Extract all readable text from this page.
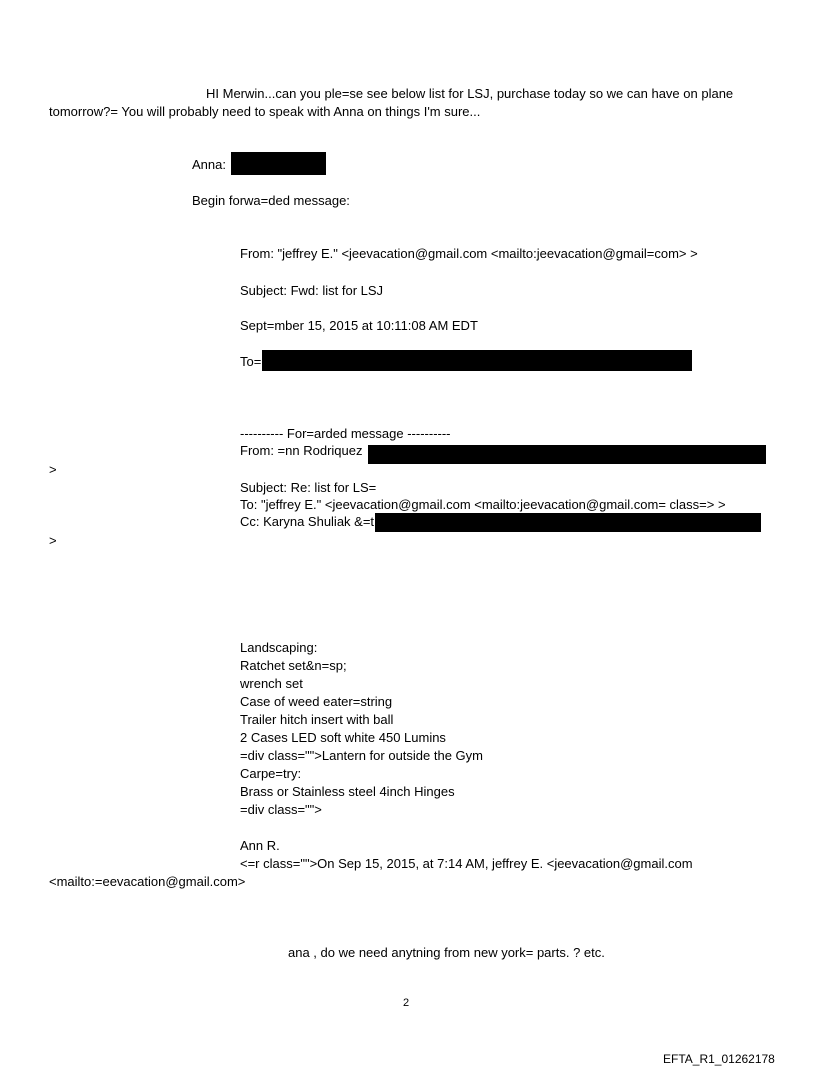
HI Merwin...can you ple=se see below list for LSJ, purchase today so we can have on plane
tomorrow?= You will probably need to speak with Anna on things I'm sure...
Anna:
Begin forwa=ded message:
From: "jeffrey E." <jeevacation@gmail.com <mailto:jeevacation@gmail=com> >
Subject: Fwd: list for LSJ
Sept=mber 15, 2015 at 10:11:08 AM EDT
To=
---------- For=arded message ----------
From: =nn Rodriquez
>
Subject: Re: list for LS=
To: "jeffrey E." <jeevacation@gmail.com <mailto:jeevacation@gmail.com= class=> >
Cc: Karyna Shuliak &=t
>
Landscaping:
Ratchet set&n=sp;
wrench set
Case of weed eater=string
Trailer hitch insert with ball
2 Cases LED soft white 450 Lumins
=div class="">Lantern for outside the Gym
Carpe=try:
Brass or Stainless steel 4inch Hinges
=div class="">
Ann R.
<=r class="">On Sep 15, 2015, at 7:14 AM, jeffrey E. <jeevacation@gmail.com
<mailto:=eevacation@gmail.com>
ana , do we need anytning from new york= parts. ? etc.
2
EFTA_R1_01262178
